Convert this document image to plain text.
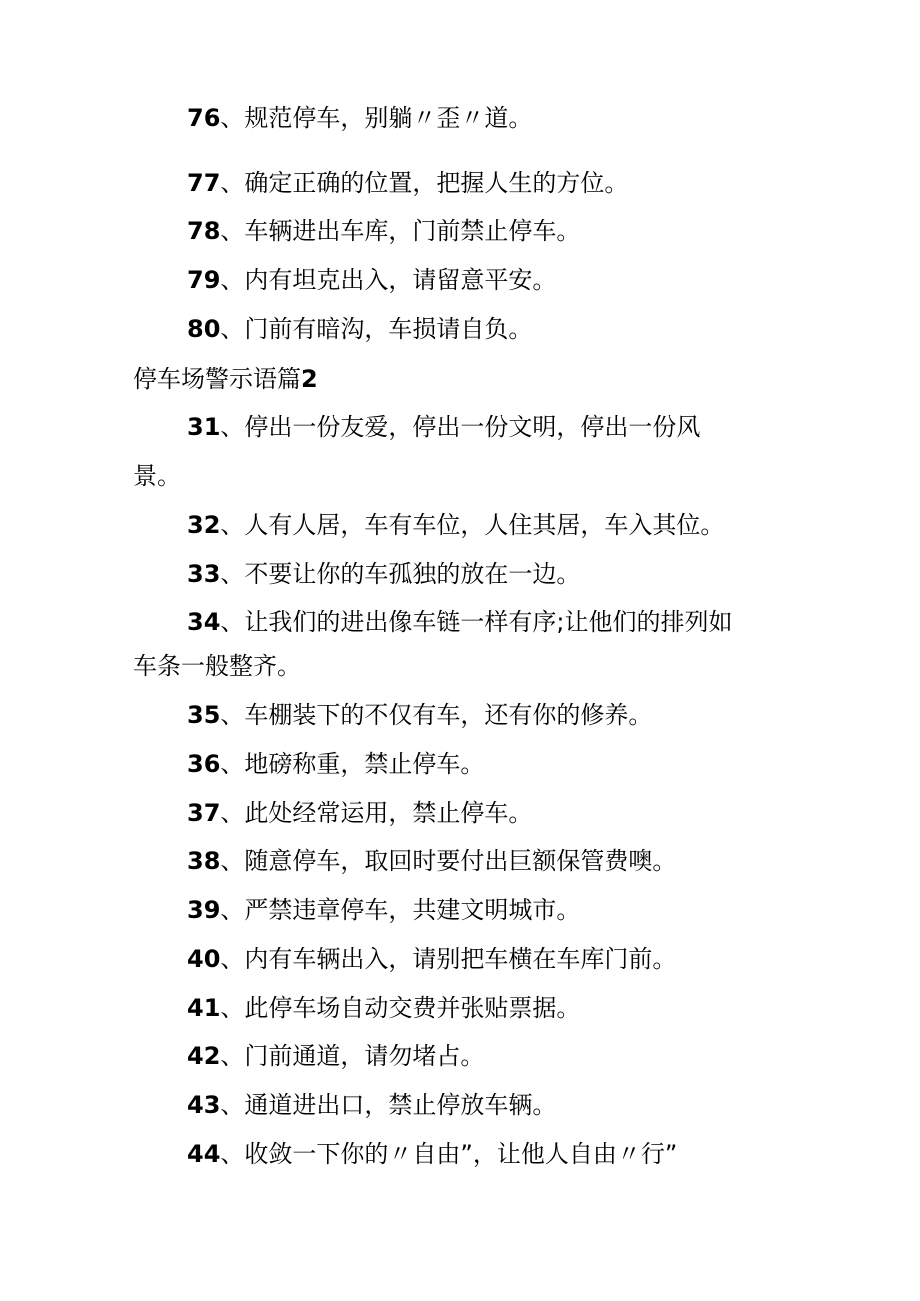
76、规范停车，别躺〃歪〃道。
77、确定正确的位置，把握人生的方位。
78、车辆进出车库，门前禁止停车。
79、内有坦克出入，请留意平安。
80、门前有暗沟，车损请自负。
停车场警示语篇2
31、停出一份友爱，停出一份文明，停出一份风
景。
32、人有人居，车有车位，人住其居，车入其位。
33、不要让你的车孤独的放在一边。
34、让我们的进出像车链一样有序;让他们的排列如
车条一般整齐。
35、车棚装下的不仅有车，还有你的修养。
36、地磅称重，禁止停车。
37、此处经常运用，禁止停车。
38、随意停车，取回时要付出巨额保管费噢。
39、严禁违章停车，共建文明城市。
40、内有车辆出入，请别把车横在车库门前。
41、此停车场自动交费并张贴票据。
42、门前通道，请勿堵占。
43、通道进出口，禁止停放车辆。
44、收敛一下你的〃自由”，让他人自由〃行”
